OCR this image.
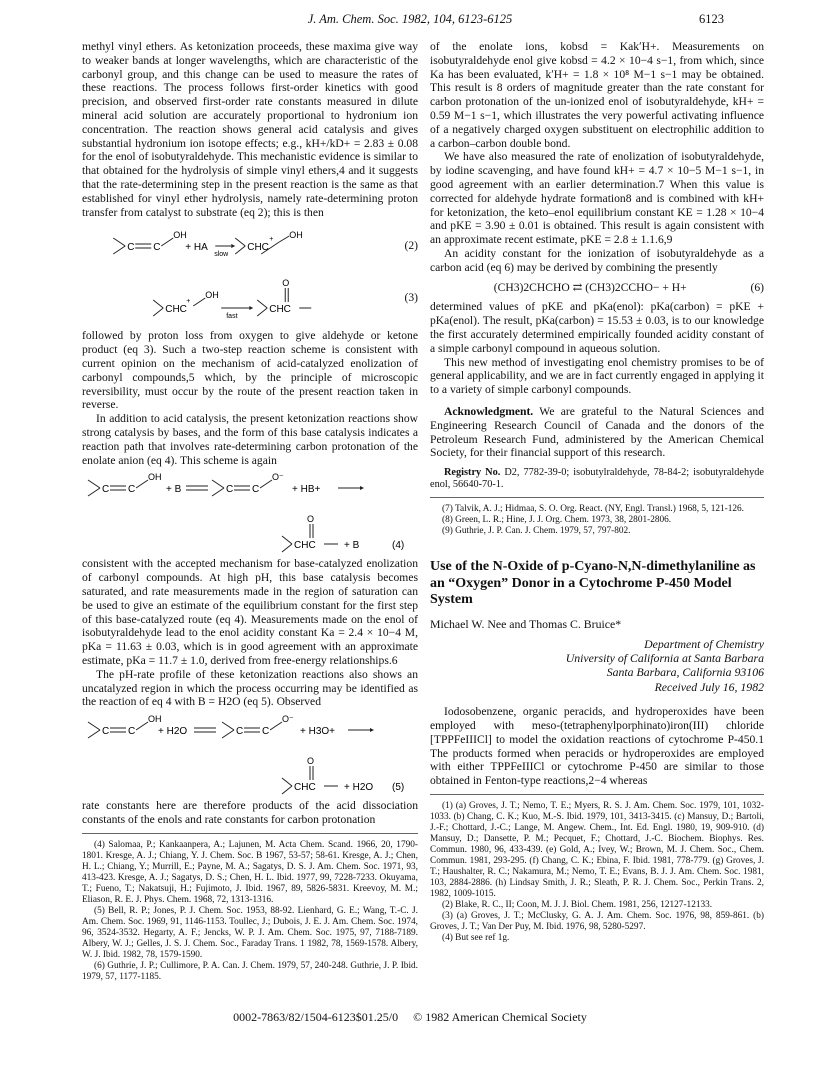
J. Am. Chem. Soc. 1982, 104, 6123-6125	6123

methyl vinyl ethers. As ketonization proceeds, these maxima give way to weaker bands at longer wavelengths, which are characteristic of the carbonyl group, and this change can be used to measure the rates of these reactions. The process follows first-order kinetics with good precision, and observed first-order rate constants measured in dilute mineral acid solution are accurately proportional to hydronium ion concentration. The reaction shows general acid catalysis and gives substantial hydronium ion isotope effects; e.g., kH+/kD+ = 2.83 ± 0.08 for the enol of isobutyraldehyde. This mechanistic evidence is similar to that obtained for the hydrolysis of simple vinyl ethers,4 and it suggests that the rate-determining step in the present reaction is the same as that established for vinyl ether hydrolysis, namely rate-determining proton transfer from catalyst to substrate (eq 2); this is then

C C
OH
+ HA
slow
CHC
+ OH
(2)
CHC
+
OH
fast
CHC
O
(3)

followed by proton loss from oxygen to give aldehyde or ketone product (eq 3). Such a two-step reaction scheme is consistent with current opinion on the mechanism of acid-catalyzed enolization of carbonyl compounds,5 which, by the principle of microscopic reversibility, must occur by the route of the present reaction taken in reverse.

In addition to acid catalysis, the present ketonization reactions show strong catalysis by bases, and the form of this base catalysis indicates a reaction path that involves rate-determining carbon protonation of the enolate anion (eq 4). This scheme is again

C C
OH
+ B	C C
O⁻
+ HB+
CHC
O
+ B	(4)

consistent with the accepted mechanism for base-catalyzed enolization of carbonyl compounds. At high pH, this base catalysis becomes saturated, and rate measurements made in the region of saturation can be used to give an estimate of the equilibrium constant for the first step of this base-catalyzed route (eq 4). Measurements made on the enol of isobutyraldehyde lead to the enol acidity constant Ka = 2.4 × 10−4 M, pKa = 11.63 ± 0.03, which is in good agreement with an approximate estimate, pKa = 11.7 ± 1.0, derived from free-energy relationships.6

The pH-rate profile of these ketonization reactions also shows an uncatalyzed region in which the process occurring may be identified as the reaction of eq 4 with B = H2O (eq 5). Observed

C C
OH
+ H2O	C C
O⁻
+ H3O+
CHC
O
+ H2O (5)

rate constants here are therefore products of the acid dissociation constants of the enols and rate constants for carbon protonation

(4) Salomaa, P.; Kankaanpera, A.; Lajunen, M. Acta Chem. Scand. 1966, 20, 1790-1801. Kresge, A. J.; Chiang, Y. J. Chem. Soc. B 1967, 53-57; 58-61. Kresge, A. J.; Chen, H. L.; Chiang, Y.; Murrill, E.; Payne, M. A.; Sagatys, D. S. J. Am. Chem. Soc. 1971, 93, 413-423. Kresge, A. J.; Sagatys, D. S.; Chen, H. L. Ibid. 1977, 99, 7228-7233. Okuyama, T.; Fueno, T.; Nakatsuji, H.; Fujimoto, J. Ibid. 1967, 89, 5826-5831. Kreevoy, M. M.; Eliason, R. E. J. Phys. Chem. 1968, 72, 1313-1316.

(5) Bell, R. P.; Jones, P. J. Chem. Soc. 1953, 88-92. Lienhard, G. E.; Wang, T.-C. J. Am. Chem. Soc. 1969, 91, 1146-1153. Toullec, J.; Dubois, J. E. J. Am. Chem. Soc. 1974, 96, 3524-3532. Hegarty, A. F.; Jencks, W. P. J. Am. Chem. Soc. 1975, 97, 7188-7189. Albery, W. J.; Gelles, J. S. J. Chem. Soc., Faraday Trans. 1 1982, 78, 1569-1578. Albery, W. J. Ibid. 1982, 78, 1579-1590.

(6) Guthrie, J. P.; Cullimore, P. A. Can. J. Chem. 1979, 57, 240-248. Guthrie, J. P. Ibid. 1979, 57, 1177-1185.

of the enolate ions, kobsd = KakʹH+. Measurements on isobutyraldehyde enol give kobsd = 4.2 × 10−4 s−1, from which, since Ka has been evaluated, kʹH+ = 1.8 × 10⁸ M−1 s−1 may be obtained. This result is 8 orders of magnitude greater than the rate constant for carbon protonation of the un-ionized enol of isobutyraldehyde, kH+ = 0.59 M−1 s−1, which illustrates the very powerful activating influence of a negatively charged oxygen substituent on electrophilic addition to a carbon–carbon double bond.

We have also measured the rate of enolization of isobutyraldehyde, by iodine scavenging, and have found kH+ = 4.7 × 10−5 M−1 s−1, in good agreement with an earlier determination.7 When this value is corrected for aldehyde hydrate formation8 and is combined with kH+ for ketonization, the keto–enol equilibrium constant KE = 1.28 × 10−4 and pKE = 3.90 ± 0.01 is obtained. This result is again consistent with an approximate recent estimate, pKE = 2.8 ± 1.1.6,9

An acidity constant for the ionization of isobutyraldehyde as a carbon acid (eq 6) may be derived by combining the presently

(CH3)2CHCHO ⇄ (CH3)2CCHO− + H+	(6)

determined values of pKE and pKa(enol): pKa(carbon) = pKE + pKa(enol). The result, pKa(carbon) = 15.53 ± 0.03, is to our knowledge the first accurately determined empirically founded acidity constant of a simple carbonyl compound in aqueous solution.

This new method of investigating enol chemistry promises to be of general applicability, and we are in fact currently engaged in applying it to a variety of simple carbonyl compounds.

Acknowledgment. We are grateful to the Natural Sciences and Engineering Research Council of Canada and the donors of the Petroleum Research Fund, administered by the American Chemical Society, for their financial support of this research.

Registry No. D2, 7782-39-0; isobutylraldehyde, 78-84-2; isobutyraldehyde enol, 56640-70-1.

(7) Talvik, A. J.; Hidmaa, S. O. Org. React. (NY, Engl. Transl.) 1968, 5, 121-126.

(8) Green, L. R.; Hine, J. J. Org. Chem. 1973, 38, 2801-2806.

(9) Guthrie, J. P. Can. J. Chem. 1979, 57, 797-802.

Use of the N-Oxide of p-Cyano-N,N-dimethylaniline as an “Oxygen” Donor in a Cytochrome P-450 Model System
Michael W. Nee and Thomas C. Bruice*
Department of Chemistry
University of California at Santa Barbara
Santa Barbara, California 93106
Received July 16, 1982

Iodosobenzene, organic peracids, and hydroperoxides have been employed with meso-(tetraphenylporphinato)iron(III) chloride [TPPFeIIICl] to model the oxidation reactions of cytochrome P-450.1 The products formed when peracids or hydroperoxides are employed with either TPPFeIIICl or cytochrome P-450 are similar to those obtained in Fenton-type reactions,2−4 whereas

(1) (a) Groves, J. T.; Nemo, T. E.; Myers, R. S. J. Am. Chem. Soc. 1979, 101, 1032-1033. (b) Chang, C. K.; Kuo, M.-S. Ibid. 1979, 101, 3413-3415. (c) Mansuy, D.; Bartoli, J.-F.; Chottard, J.-C.; Lange, M. Angew. Chem., Int. Ed. Engl. 1980, 19, 909-910. (d) Mansuy, D.; Dansette, P. M.; Pecquet, F.; Chottard, J.-C. Biochem. Biophys. Res. Commun. 1980, 96, 433-439. (e) Gold, A.; Ivey, W.; Brown, M. J. Chem. Soc., Chem. Commun. 1981, 293-295. (f) Chang, C. K.; Ebina, F. Ibid. 1981, 778-779. (g) Groves, J. T.; Haushalter, R. C.; Nakamura, M.; Nemo, T. E.; Evans, B. J. J. Am. Chem. Soc. 1981, 103, 2884-2886. (h) Lindsay Smith, J. R.; Sleath, P. R. J. Chem. Soc., Perkin Trans. 2, 1982, 1009-1015.

(2) Blake, R. C., II; Coon, M. J. J. Biol. Chem. 1981, 256, 12127-12133.

(3) (a) Groves, J. T.; McClusky, G. A. J. Am. Chem. Soc. 1976, 98, 859-861. (b) Groves, J. T.; Van Der Puy, M. Ibid. 1976, 98, 5280-5297.

(4) But see ref 1g.

0002-7863/82/1504-6123$01.25/0 © 1982 American Chemical Society
